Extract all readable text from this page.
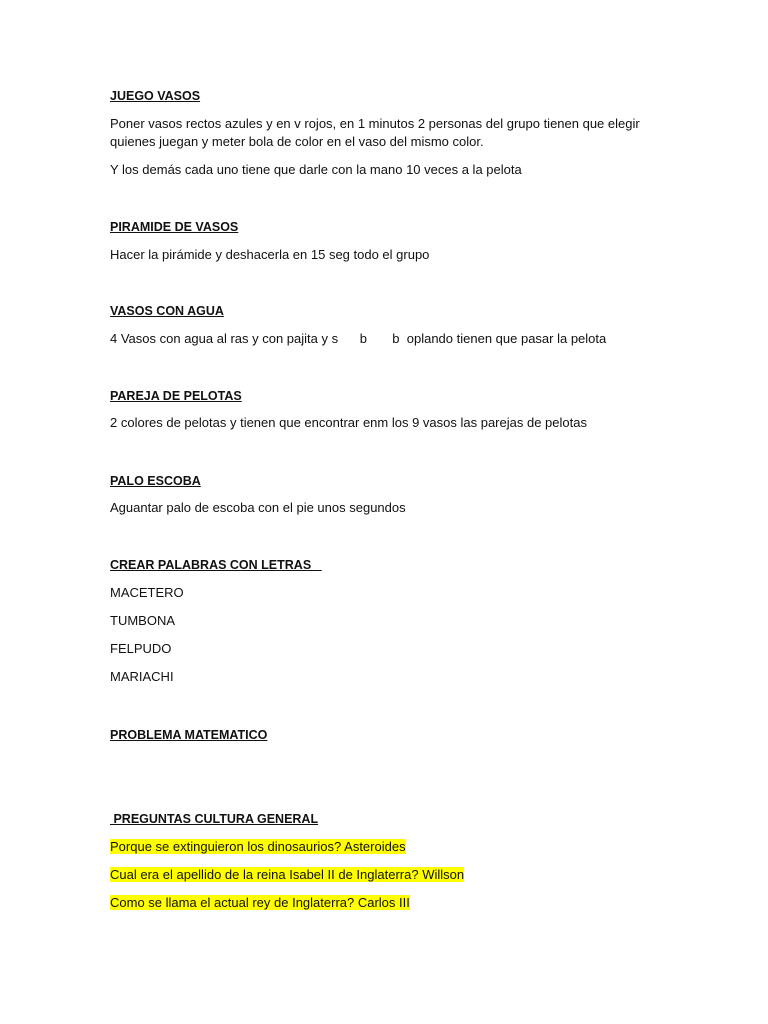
JUEGO VASOS
Poner vasos rectos azules y en v rojos, en 1 minutos 2 personas del grupo tienen que elegir quienes juegan y meter bola de color en el vaso del mismo color.
Y los demás cada uno tiene que darle con la mano 10 veces a la pelota
PIRAMIDE DE VASOS
Hacer la pirámide y deshacerla en 15 seg todo el grupo
VASOS CON AGUA
4 Vasos con agua al ras y con pajita y s      b       b  oplando tienen que pasar la pelota
PAREJA DE PELOTAS
2 colores de pelotas y tienen que encontrar enm los 9 vasos las parejas de pelotas
PALO ESCOBA
Aguantar palo de escoba con el pie unos segundos
CREAR PALABRAS CON LETRAS
MACETERO
TUMBONA
FELPUDO
MARIACHI
PROBLEMA MATEMATICO
PREGUNTAS CULTURA GENERAL
Porque se extinguieron los dinosaurios? Asteroides
Cual era el apellido de la reina Isabel II de Inglaterra? Willson
Como se llama el actual rey de Inglaterra? Carlos III
